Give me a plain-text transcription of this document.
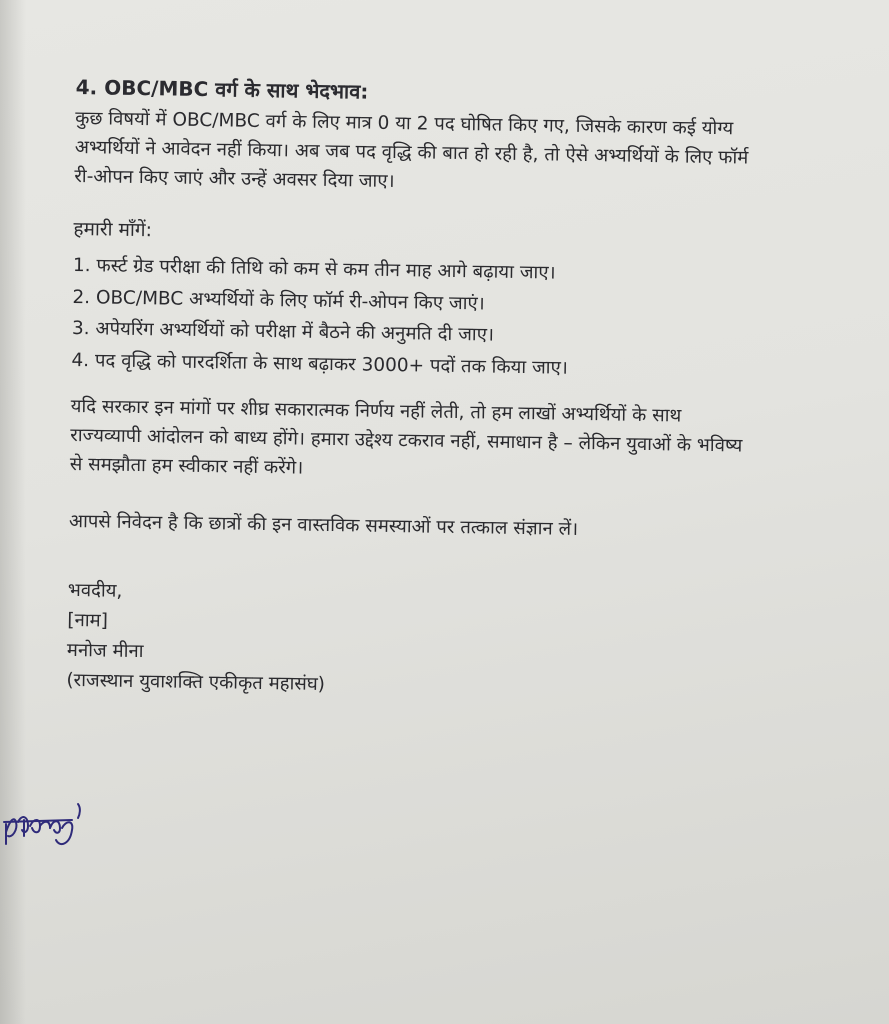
4. OBC/MBC वर्ग के साथ भेदभाव:

कुछ विषयों में OBC/MBC वर्ग के लिए मात्र 0 या 2 पद घोषित किए गए, जिसके कारण कई योग्य
अभ्यर्थियों ने आवेदन नहीं किया। अब जब पद वृद्धि की बात हो रही है, तो ऐसे अभ्यर्थियों के लिए फॉर्म
री-ओपन किए जाएं और उन्हें अवसर दिया जाए।

हमारी माँगें:
1. फर्स्ट ग्रेड परीक्षा की तिथि को कम से कम तीन माह आगे बढ़ाया जाए।
2. OBC/MBC अभ्यर्थियों के लिए फॉर्म री-ओपन किए जाएं।
3. अपेयरिंग अभ्यर्थियों को परीक्षा में बैठने की अनुमति दी जाए।
4. पद वृद्धि को पारदर्शिता के साथ बढ़ाकर 3000+ पदों तक किया जाए।

यदि सरकार इन मांगों पर शीघ्र सकारात्मक निर्णय नहीं लेती, तो हम लाखों अभ्यर्थियों के साथ
राज्यव्यापी आंदोलन को बाध्य होंगे। हमारा उद्देश्य टकराव नहीं, समाधान है – लेकिन युवाओं के भविष्य
से समझौता हम स्वीकार नहीं करेंगे।

आपसे निवेदन है कि छात्रों की इन वास्तविक समस्याओं पर तत्काल संज्ञान लें।

भवदीय,
[नाम]
मनोज मीना
(राजस्थान युवाशक्ति एकीकृत महासंघ)
